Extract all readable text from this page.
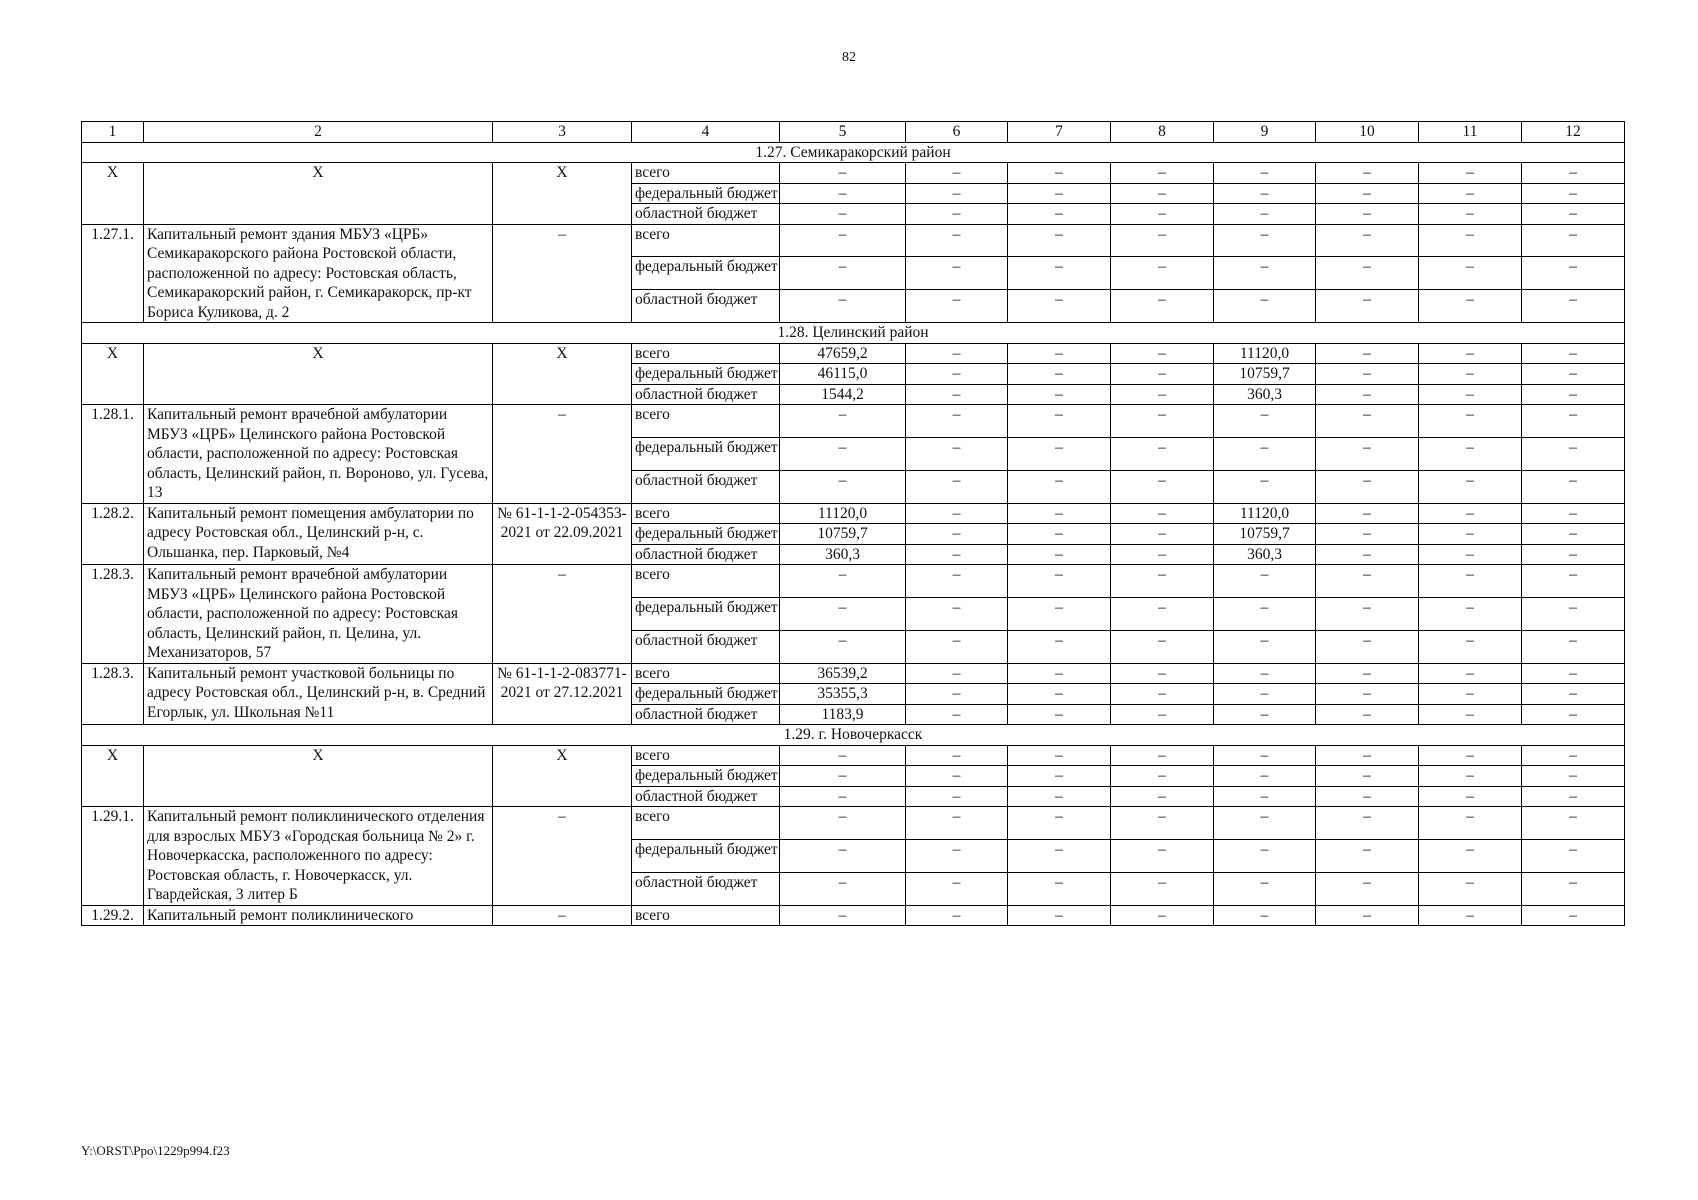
82
1	2	3	4	5	6	7	8	9	10	11	12
1.27. Семикаракорский район											
Х	Х	Х	всего	–	–	–	–	–	–	–	–
			федеральный бюджет	–	–	–	–	–	–	–	–
			областной бюджет	–	–	–	–	–	–	–	–
1.27.1.	Капитальный ремонт здания МБУЗ «ЦРБ» Семикаракорского района Ростовской области, расположенной по адресу: Ростовская область, Семикаракорский район, г. Семикаракорск, пр-кт Бориса Куликова, д. 2	–	всего	–	–	–	–	–	–	–	–
			федеральный бюджет	–	–	–	–	–	–	–	–
			областной бюджет	–	–	–	–	–	–	–	–
1.28. Целинский район											
Х	Х	Х	всего	47659,2	–	–	–	11120,0	–	–	–
			федеральный бюджет	46115,0	–	–	–	10759,7	–	–	–
			областной бюджет	1544,2	–	–	–	360,3	–	–	–
1.28.1.	Капитальный ремонт врачебной амбулатории МБУЗ «ЦРБ» Целинского района Ростовской области, расположенной по адресу: Ростовская область, Целинский район, п. Вороново, ул. Гусева, 13	–	всего	–	–	–	–	–	–	–	–
			федеральный бюджет	–	–	–	–	–	–	–	–
			областной бюджет	–	–	–	–	–	–	–	–
1.28.2.	Капитальный ремонт помещения амбулатории по адресу Ростовская обл., Целинский р-н, с. Ольшанка, пер. Парковый, №4	№ 61-1-1-2-054353-2021 от 22.09.2021	всего	11120,0	–	–	–	11120,0	–	–	–
			федеральный бюджет	10759,7	–	–	–	10759,7	–	–	–
			областной бюджет	360,3	–	–	–	360,3	–	–	–
1.28.3.	Капитальный ремонт врачебной амбулатории МБУЗ «ЦРБ» Целинского района Ростовской области, расположенной по адресу: Ростовская область, Целинский район, п. Целина, ул. Механизаторов, 57	–	всего	–	–	–	–	–	–	–	–
			федеральный бюджет	–	–	–	–	–	–	–	–
			областной бюджет	–	–	–	–	–	–	–	–
1.28.3.	Капитальный ремонт участковой больницы по адресу Ростовская обл., Целинский р-н, в. Средний Егорлык, ул. Школьная №11	№ 61-1-1-2-083771-2021 от 27.12.2021	всего	36539,2	–	–	–	–	–	–	–
			федеральный бюджет	35355,3	–	–	–	–	–	–	–
			областной бюджет	1183,9	–	–	–	–	–	–	–
1.29. г. Новочеркасск											
Х	Х	Х	всего	–	–	–	–	–	–	–	–
			федеральный бюджет	–	–	–	–	–	–	–	–
			областной бюджет	–	–	–	–	–	–	–	–
1.29.1.	Капитальный ремонт поликлинического отделения для взрослых МБУЗ «Городская больница № 2» г. Новочеркасска, расположенного по адресу: Ростовская область, г. Новочеркасск, ул. Гвардейская, 3 литер Б	–	всего	–	–	–	–	–	–	–	–
			федеральный бюджет	–	–	–	–	–	–	–	–
			областной бюджет	–	–	–	–	–	–	–	–
1.29.2.	Капитальный ремонт поликлинического	–	всего	–	–	–	–	–	–	–	–
Y:\ORST\Ppo\1229p994.f23
